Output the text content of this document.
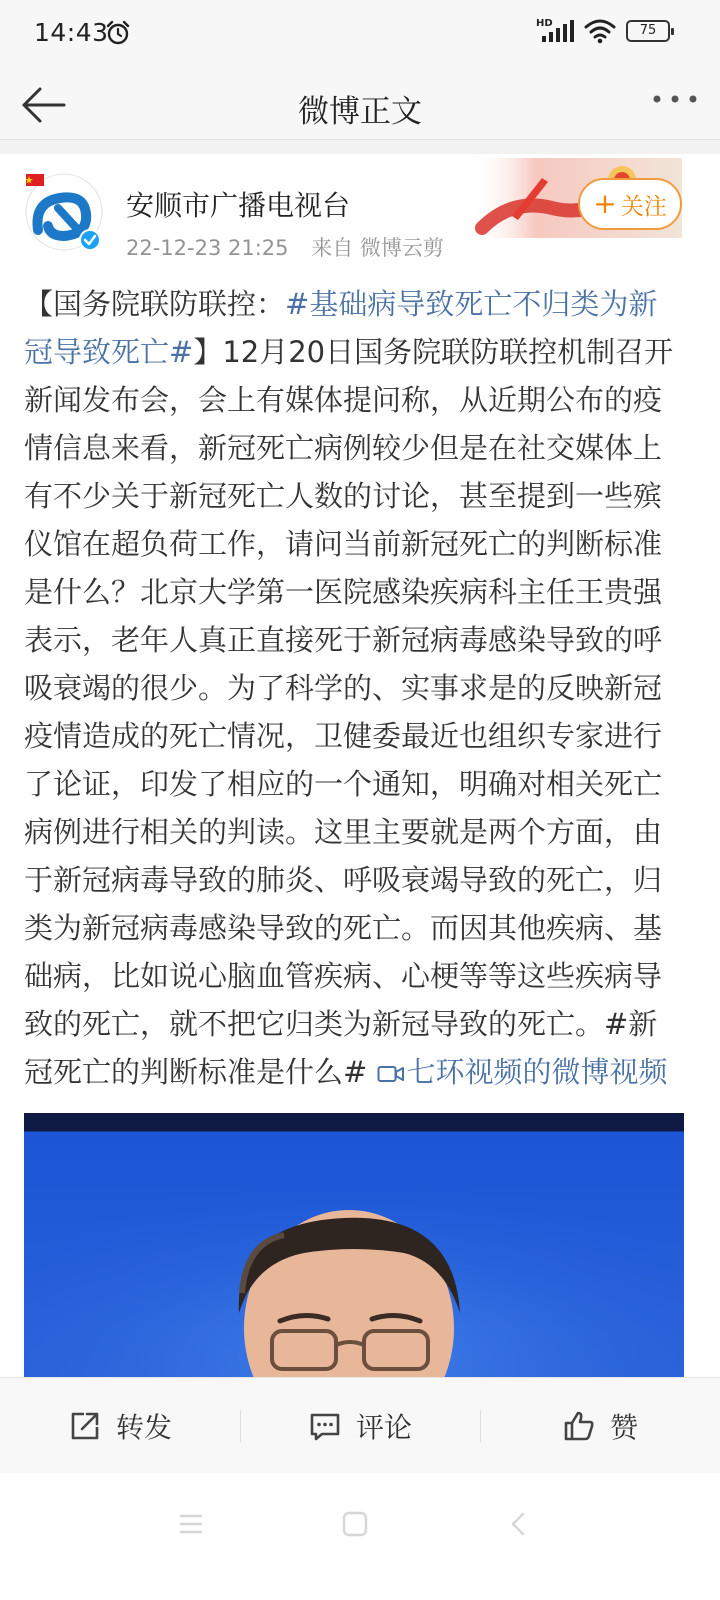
14:43	HD	75
微博正文
安顺市广播电视台
22-12-23 21:25 来自 微博云剪
+ 关注
【国务院联防联控：#基础病导致死亡不归类为新冠导致死亡#】12月20日国务院联防联控机制召开新闻发布会，会上有媒体提问称，从近期公布的疫情信息来看，新冠死亡病例较少但是在社交媒体上有不少关于新冠死亡人数的讨论，甚至提到一些殡仪馆在超负荷工作，请问当前新冠死亡的判断标准是什么？北京大学第一医院感染疾病科主任王贵强表示，老年人真正直接死于新冠病毒感染导致的呼吸衰竭的很少。为了科学的、实事求是的反映新冠疫情造成的死亡情况，卫健委最近也组织专家进行了论证，印发了相应的一个通知，明确对相关死亡病例进行相关的判读。这里主要就是两个方面，由于新冠病毒导致的肺炎、呼吸衰竭导致的死亡，归类为新冠病毒感染导致的死亡。而因其他疾病、基础病，比如说心脑血管疾病、心梗等等这些疾病导致的死亡，就不把它归类为新冠导致的死亡。#新冠死亡的判断标准是什么# 七环视频的微博视频
转发	评论	赞
